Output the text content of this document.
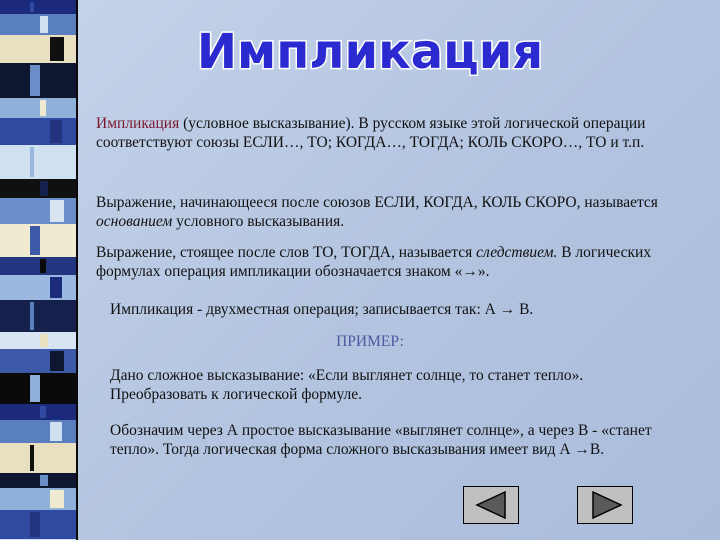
Импликация
Импликация (условное высказывание). В русском языке этой логической операции соответствуют союзы ЕСЛИ…, ТО; КОГДА…, ТОГДА; КОЛЬ СКОРО…, ТО и т.п.
Выражение, начинающееся после союзов ЕСЛИ, КОГДА, КОЛЬ СКОРО, называется основанием условного высказывания.
Выражение, стоящее после слов ТО, ТОГДА, называется следствием. В логических формулах операция импликации обозначается знаком «→».
Импликация - двухместная операция; записывается так: А → В.
ПРИМЕР:
Дано сложное высказывание: «Если выглянет солнце, то станет тепло». Преобразовать к логической формуле.
Обозначим через А простое высказывание «выглянет солнце», а через В - «станет тепло». Тогда логическая форма сложного высказывания имеет вид А →В.
